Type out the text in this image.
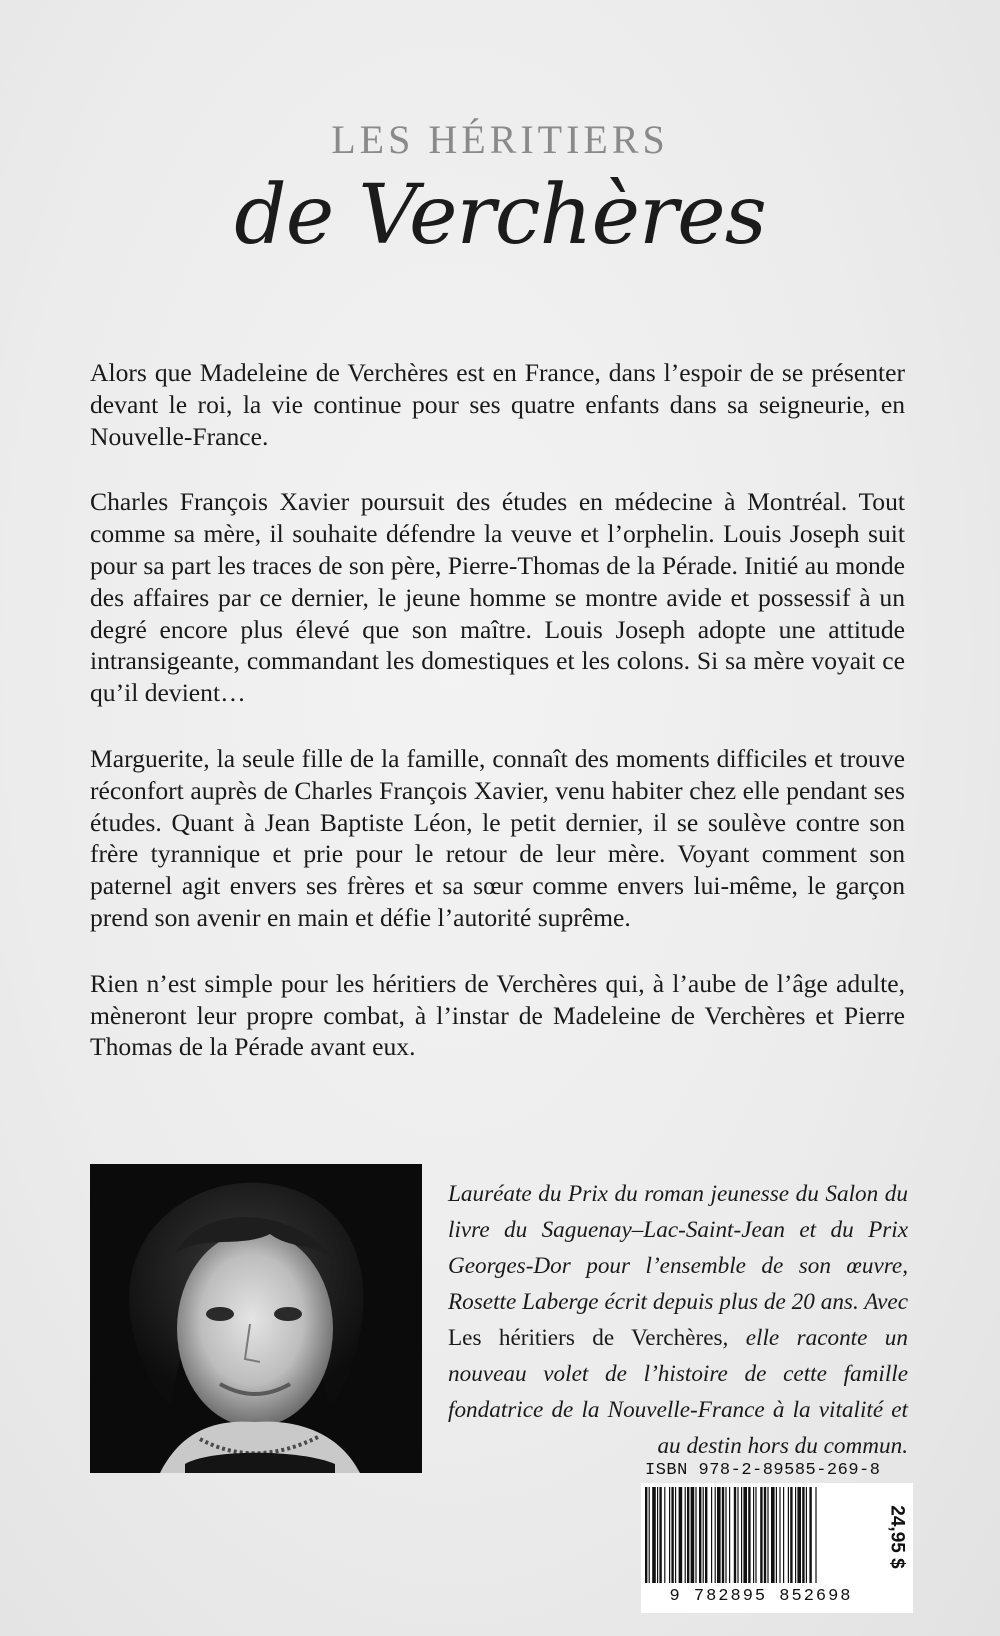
LES HÉRITIERS
de Verchères

Alors que Madeleine de Verchères est en France, dans l’espoir de se présenter devant le roi, la vie continue pour ses quatre enfants dans sa seigneurie, en Nouvelle-France.

Charles François Xavier poursuit des études en médecine à Montréal. Tout comme sa mère, il souhaite défendre la veuve et l’orphelin. Louis Joseph suit pour sa part les traces de son père, Pierre-Thomas de la Pérade. Initié au monde des affaires par ce dernier, le jeune homme se montre avide et possessif à un degré encore plus élevé que son maître. Louis Joseph adopte une attitude intransigeante, commandant les domestiques et les colons. Si sa mère voyait ce qu’il devient…

Marguerite, la seule fille de la famille, connaît des moments difficiles et trouve réconfort auprès de Charles François Xavier, venu habiter chez elle pendant ses études. Quant à Jean Baptiste Léon, le petit dernier, il se soulève contre son frère tyrannique et prie pour le retour de leur mère. Voyant comment son paternel agit envers ses frères et sa sœur comme envers lui-même, le garçon prend son avenir en main et défie l’autorité suprême.

Rien n’est simple pour les héritiers de Verchères qui, à l’aube de l’âge adulte, mèneront leur propre combat, à l’instar de Madeleine de Verchères et Pierre Thomas de la Pérade avant eux.

Lauréate du Prix du roman jeunesse du Salon du livre du Saguenay–Lac-Saint-Jean et du Prix Georges-Dor pour l’ensemble de son œuvre, Rosette Laberge écrit depuis plus de 20 ans. Avec Les héritiers de Verchères, elle raconte un nouveau volet de l’histoire de cette famille fondatrice de la Nouvelle-France à la vitalité et au destin hors du commun.
ISBN 978-2-89585-269-8
9 782895 852698
24,95 $
